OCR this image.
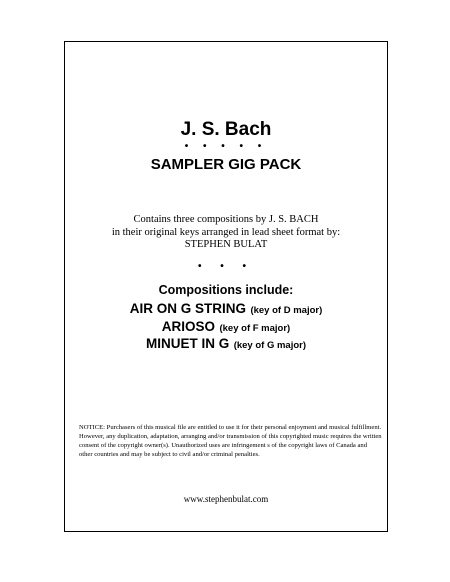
J. S. Bach
• • • • •
SAMPLER GIG PACK
Contains three compositions by J. S. BACH
in their original keys arranged in lead sheet format by:
STEPHEN BULAT
• • •
Compositions include:
AIR ON G STRING (key of D major)
ARIOSO (key of F major)
MINUET IN G (key of G major)
NOTICE: Purchasers of this musical file are entitled to use it for their personal enjoyment and musical fulfillment.
However, any duplication, adaptation, arranging and/or transmission of this copyrighted music requires the written
consent of the copyright owner(s). Unauthorized uses are infringement s of the copyright laws of Canada and
other countries and may be subject to civil and/or criminal penalties.
www.stephenbulat.com
